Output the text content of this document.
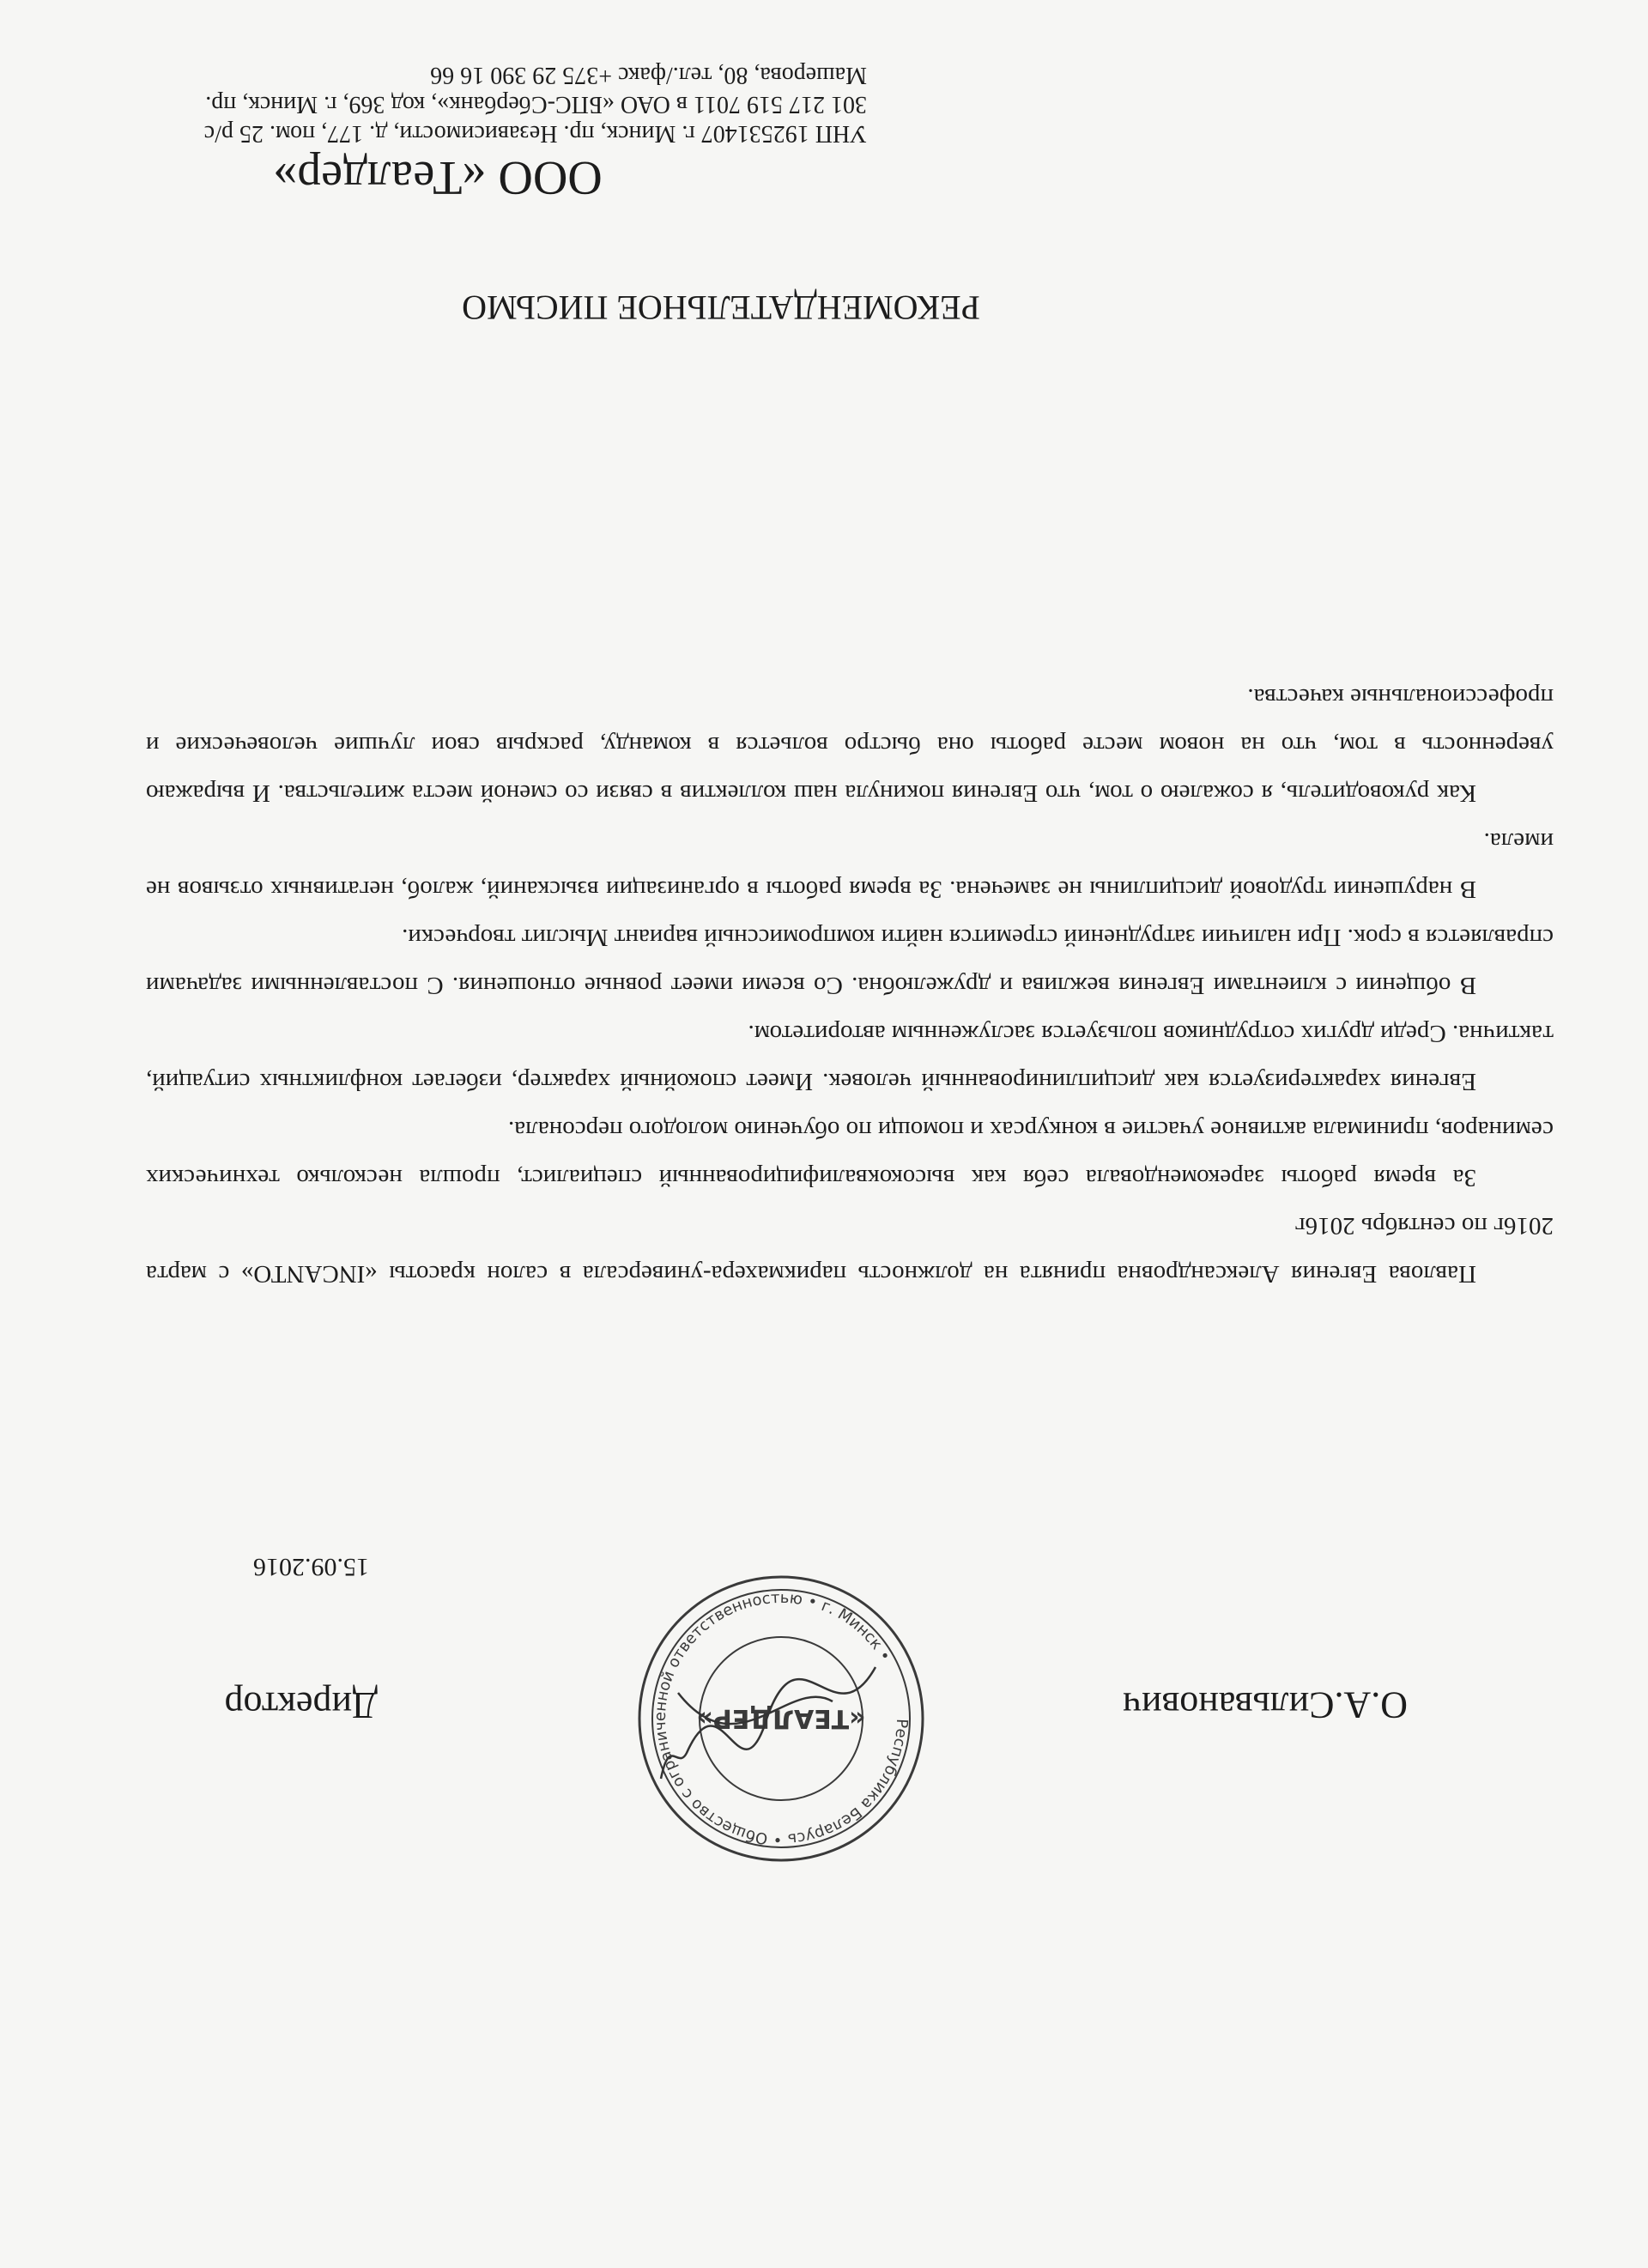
ООО «Теалдер»
УНП 192531407 г. Минск, пр. Независимости, д. 177, пом. 25 р/с
301 217 519 7011 в ОАО «БПС-Сбербанк», код 369, г. Минск, пр.
Машерова, 80, тел./факс +375 29 390 16 66
РЕКОМЕНДАТЕЛЬНОЕ ПИСЬМО

Павлова Евгения Александровна принята на должность парикмахера-универсала в салон красоты «INCANTO» с марта 2016г по сентябрь 2016г

За время работы зарекомендовала себя как высококвалифицированный специалист, прошла несколько технических семинаров, принимала активное участие в конкурсах и помощи по обучению молодого персонала.

Евгения характеризуется как дисциплинированный человек. Имеет спокойный характер, избегает конфликтных ситуаций, тактична. Среди других сотрудников пользуется заслуженным авторитетом.

В общении с клиентами Евгения вежлива и дружелюбна. Со всеми имеет ровные отношения. С поставленными задачами справляется в срок. При наличии затруднений стремится найти компромиссный вариант Мыслит творчески.

В нарушении трудовой дисциплины не замечена. За время работы в организации взысканий, жалоб, негативных отзывов не имела.

Как руководитель, я сожалею о том, что Евгения покинула наш коллектив в связи со сменой места жительства. И выражаю уверенность в том, что на новом месте работы она быстро вольется в команду, раскрыв свои лучшие человеческие и профессиональные качества.

15.09.2016
Директор	О.А.Сильванович
Республика Беларусь • Общество с ограниченной ответственностью • г. Минск •
«ТЕАЛДЕР»
